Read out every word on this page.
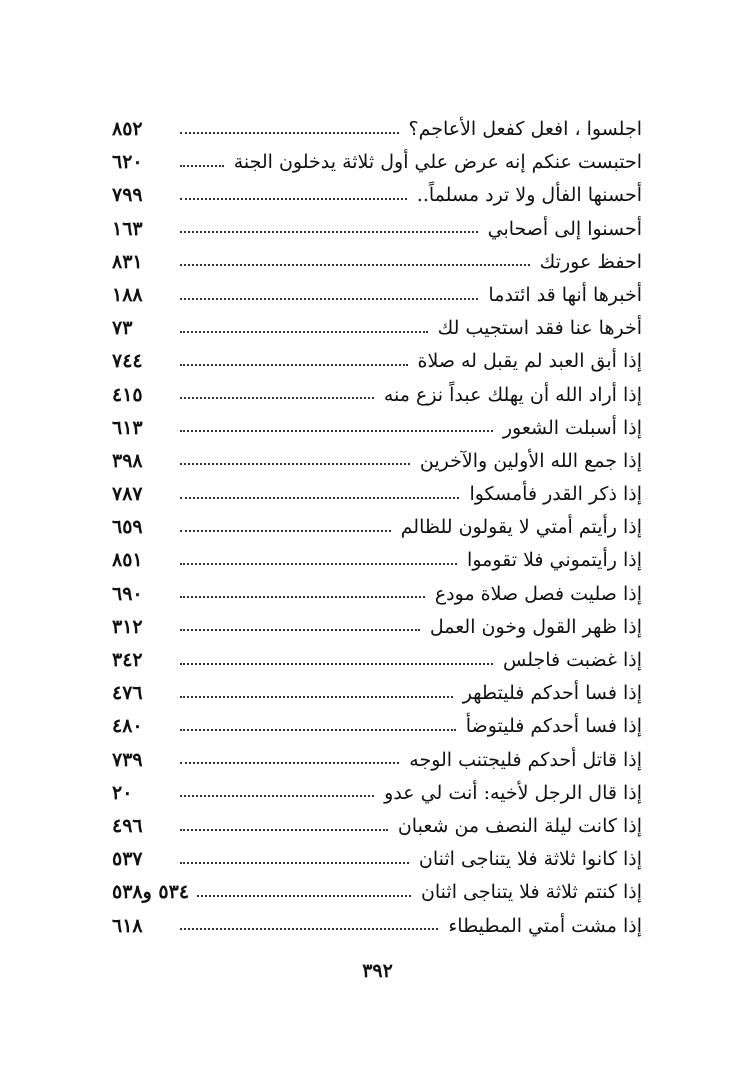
اجلسوا ، افعل كفعل الأعاجم؟
٨٥٢
احتبست عنكم إنه عرض علي أول ثلاثة يدخلون الجنة
٦٢٠
أحسنها الفأل ولا ترد مسلماً..
٧٩٩
أحسنوا إلى أصحابي
١٦٣
احفظ عورتك
٨٣١
أخبرها أنها قد ائتدما
١٨٨
أخرها عنا فقد استجيب لك
٧٣
إذا أبق العبد لم يقبل له صلاة
٧٤٤
إذا أراد الله أن يهلك عبداً نزع منه
٤١٥
إذا أسبلت الشعور
٦١٣
إذا جمع الله الأولين والآخرين
٣٩٨
إذا ذكر القدر فأمسكوا
٧٨٧
إذا رأيتم أمتي لا يقولون للظالم
٦٥٩
إذا رأيتموني فلا تقوموا
٨٥١
إذا صليت فصل صلاة مودع
٦٩٠
إذا ظهر القول وخون العمل
٣١٢
إذا غضبت فاجلس
٣٤٢
إذا فسا أحدكم فليتطهر
٤٧٦
إذا فسا أحدكم فليتوضأ
٤٨٠
إذا قاتل أحدكم فليجتنب الوجه
٧٣٩
إذا قال الرجل لأخيه: أنت لي عدو
٢٠
إذا كانت ليلة النصف من شعبان
٤٩٦
إذا كانوا ثلاثة فلا يتناجى اثنان
٥٣٧
إذا كنتم ثلاثة فلا يتناجى اثنان
٥٣٤ و٥٣٨
إذا مشت أمتي المطيطاء
٦١٨
٣٩٢
